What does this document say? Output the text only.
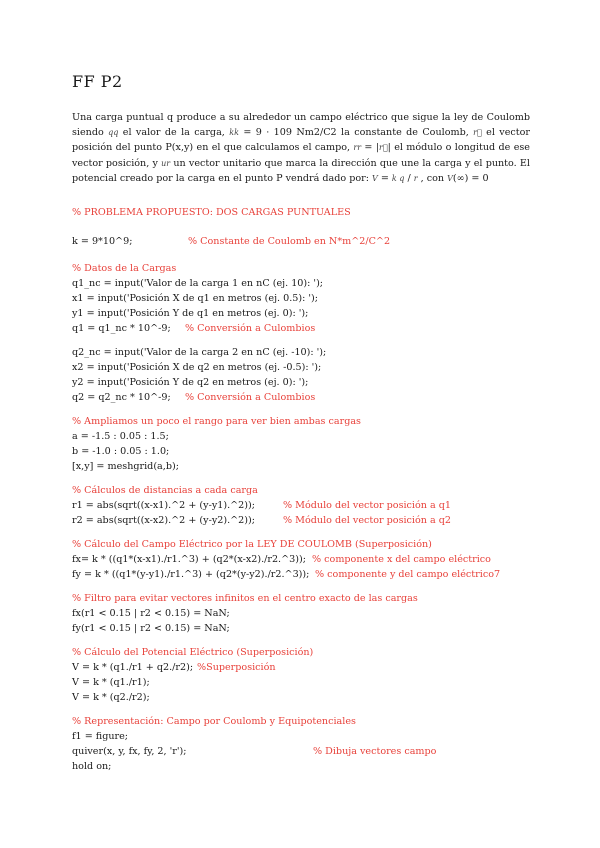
FF P2
Una carga puntual q produce a su alrededor un campo eléctrico que sigue la ley de Coulomb siendo qq el valor de la carga, kk = 9 · 109 Nm2/C2 la constante de Coulomb, r⃗ el vector posición del punto P(x,y) en el que calculamos el campo, rr = |r⃗| el módulo o longitud de ese vector posición, y ur un vector unitario que marca la dirección que une la carga y el punto. El potencial creado por la carga en el punto P vendrá dado por: V = k q / r , con V(∞) = 0
% PROBLEMA PROPUESTO: DOS CARGAS PUNTUALES
k = 9*10^9;	% Constante de Coulomb en N*m^2/C^2
% Datos de la Cargas
q1_nc = input('Valor de la carga 1 en nC (ej. 10): ');
x1 = input('Posición X de q1 en metros (ej. 0.5): ');
y1 = input('Posición Y de q1 en metros (ej. 0): ');
q1 = q1_nc * 10^-9; % Conversión a Culombios
q2_nc = input('Valor de la carga 2 en nC (ej. -10): ');
x2 = input('Posición X de q2 en metros (ej. -0.5): ');
y2 = input('Posición Y de q2 en metros (ej. 0): ');
q2 = q2_nc * 10^-9; % Conversión a Culombios
% Ampliamos un poco el rango para ver bien ambas cargas
a = -1.5 : 0.05 : 1.5;
b = -1.0 : 0.05 : 1.0;
[x,y] = meshgrid(a,b);
% Cálculos de distancias a cada carga
r1 = abs(sqrt((x-x1).^2 + (y-y1).^2));	% Módulo del vector posición a q1
r2 = abs(sqrt((x-x2).^2 + (y-y2).^2));	% Módulo del vector posición a q2
% Cálculo del Campo Eléctrico por la LEY DE COULOMB (Superposición)
fx= k * ((q1*(x-x1)./r1.^3) + (q2*(x-x2)./r2.^3)); % componente x del campo eléctrico
fy = k * ((q1*(y-y1)./r1.^3) + (q2*(y-y2)./r2.^3)); % componente y del campo eléctrico7
% Filtro para evitar vectores infinitos en el centro exacto de las cargas
fx(r1 < 0.15 | r2 < 0.15) = NaN;
fy(r1 < 0.15 | r2 < 0.15) = NaN;
% Cálculo del Potencial Eléctrico (Superposición)
V = k * (q1./r1 + q2./r2); %Superposición
V = k * (q1./r1);
V = k * (q2./r2);
% Representación: Campo por Coulomb y Equipotenciales
f1 = figure;
quiver(x, y, fx, fy, 2, 'r');	% Dibuja vectores campo
hold on;
